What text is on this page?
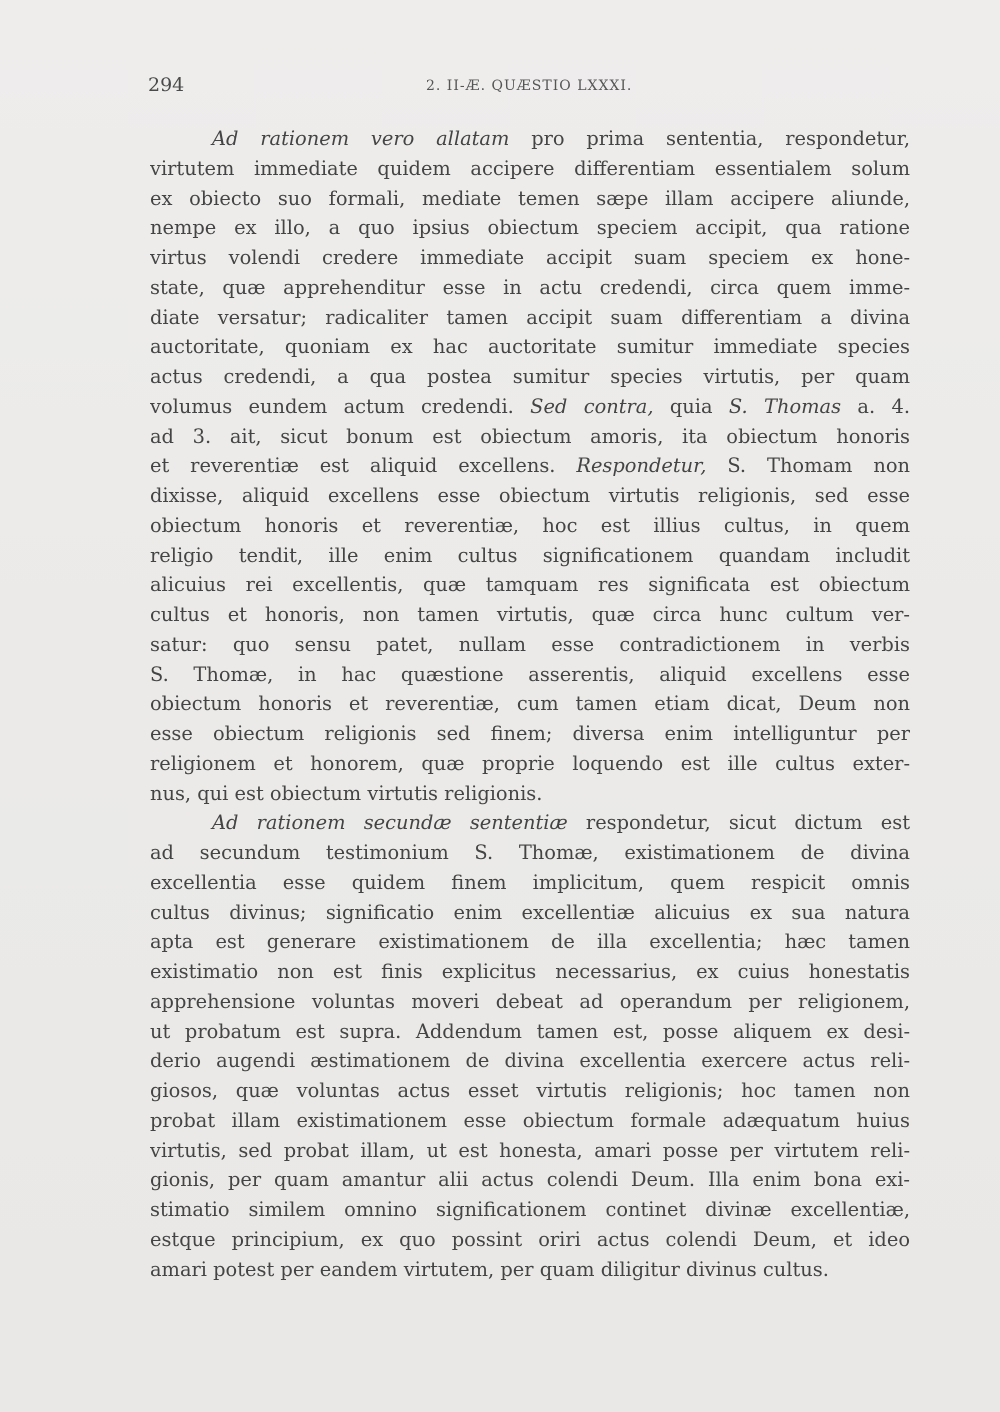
294	2. II-Æ. QUÆSTIO LXXXI.
Ad rationem vero allatam pro prima sententia, respondetur,
virtutem immediate quidem accipere differentiam essentialem solum
ex obiecto suo formali, mediate temen sæpe illam accipere aliunde,
nempe ex illo, a quo ipsius obiectum speciem accipit, qua ratione
virtus volendi credere immediate accipit suam speciem ex hone-
state, quæ apprehenditur esse in actu credendi, circa quem imme-
diate versatur; radicaliter tamen accipit suam differentiam a divina
auctoritate, quoniam ex hac auctoritate sumitur immediate species
actus credendi, a qua postea sumitur species virtutis, per quam
volumus eundem actum credendi. Sed contra, quia S. Thomas a. 4.
ad 3. ait, sicut bonum est obiectum amoris, ita obiectum honoris
et reverentiæ est aliquid excellens. Respondetur, S. Thomam non
dixisse, aliquid excellens esse obiectum virtutis religionis, sed esse
obiectum honoris et reverentiæ, hoc est illius cultus, in quem
religio tendit, ille enim cultus significationem quandam includit
alicuius rei excellentis, quæ tamquam res significata est obiectum
cultus et honoris, non tamen virtutis, quæ circa hunc cultum ver-
satur: quo sensu patet, nullam esse contradictionem in verbis
S. Thomæ, in hac quæstione asserentis, aliquid excellens esse
obiectum honoris et reverentiæ, cum tamen etiam dicat, Deum non
esse obiectum religionis sed finem; diversa enim intelliguntur per
religionem et honorem, quæ proprie loquendo est ille cultus exter-
nus, qui est obiectum virtutis religionis.
Ad rationem secundæ sententiæ respondetur, sicut dictum est
ad secundum testimonium S. Thomæ, existimationem de divina
excellentia esse quidem finem implicitum, quem respicit omnis
cultus divinus; significatio enim excellentiæ alicuius ex sua natura
apta est generare existimationem de illa excellentia; hæc tamen
existimatio non est finis explicitus necessarius, ex cuius honestatis
apprehensione voluntas moveri debeat ad operandum per religionem,
ut probatum est supra. Addendum tamen est, posse aliquem ex desi-
derio augendi æstimationem de divina excellentia exercere actus reli-
giosos, quæ voluntas actus esset virtutis religionis; hoc tamen non
probat illam existimationem esse obiectum formale adæquatum huius
virtutis, sed probat illam, ut est honesta, amari posse per virtutem reli-
gionis, per quam amantur alii actus colendi Deum. Illa enim bona exi-
stimatio similem omnino significationem continet divinæ excellentiæ,
estque principium, ex quo possint oriri actus colendi Deum, et ideo
amari potest per eandem virtutem, per quam diligitur divinus cultus.
